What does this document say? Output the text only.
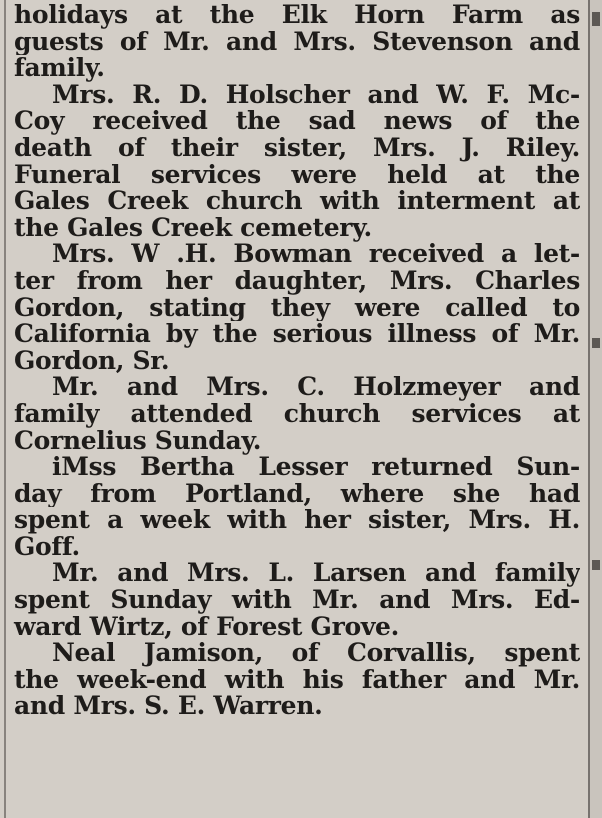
holidays at the Elk Horn Farm as
guests of Mr. and Mrs. Stevenson and
family.
Mrs. R. D. Holscher and W. F. Mc-
Coy received the sad news of the
death of their sister, Mrs. J. Riley.
Funeral services were held at the
Gales Creek church with interment at
the Gales Creek cemetery.
Mrs. W .H. Bowman received a let-
ter from her daughter, Mrs. Charles
Gordon, stating they were called to
California by the serious illness of Mr.
Gordon, Sr.
Mr. and Mrs. C. Holzmeyer and
family attended church services at
Cornelius Sunday.
iMss Bertha Lesser returned Sun-
day from Portland, where she had
spent a week with her sister, Mrs. H.
Goff.
Mr. and Mrs. L. Larsen and family
spent Sunday with Mr. and Mrs. Ed-
ward Wirtz, of Forest Grove.
Neal Jamison, of Corvallis, spent
the week-end with his father and Mr.
and Mrs. S. E. Warren.
